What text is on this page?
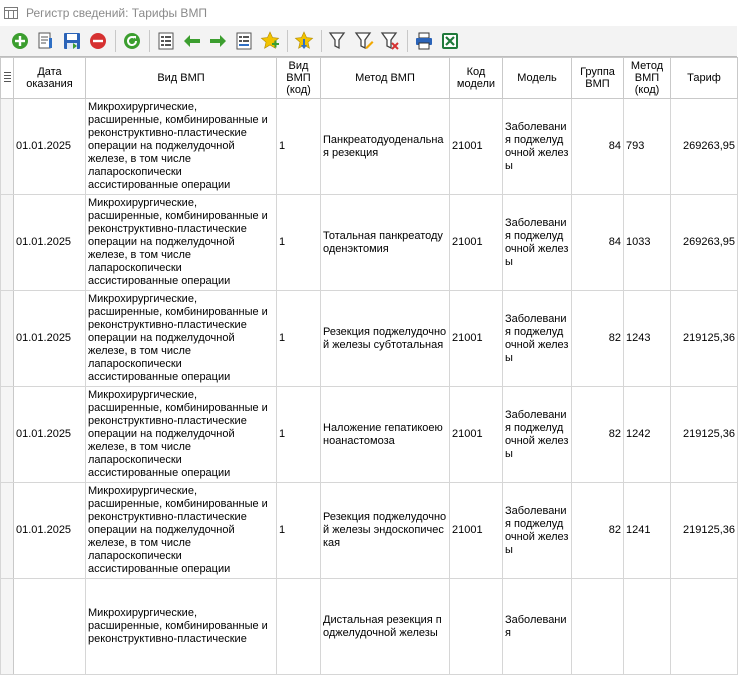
Регистр сведений: Тарифы ВМП
	Дата оказания	Вид ВМП	Вид ВМП (код)	Метод ВМП	Код модели	Модель	Группа ВМП	Метод ВМП (код)	Тариф
	01.01.2025	Микрохирургические, расширенные, комбинированные и реконструктивно-пластические операции на поджелудочной железе, в том числе лапароскопически ассистированные операции	1	Панкреатодуоденальная резекция	21001	Заболевания поджелудочной железы	84	793	269263,95
	01.01.2025	Микрохирургические, расширенные, комбинированные и реконструктивно-пластические операции на поджелудочной железе, в том числе лапароскопически ассистированные операции	1	Тотальная панкреатодуоденэктомия	21001	Заболевания поджелудочной железы	84	1033	269263,95
	01.01.2025	Микрохирургические, расширенные, комбинированные и реконструктивно-пластические операции на поджелудочной железе, в том числе лапароскопически ассистированные операции	1	Резекция поджелудочной железы субтотальная	21001	Заболевания поджелудочной железы	82	1243	219125,36
	01.01.2025	Микрохирургические, расширенные, комбинированные и реконструктивно-пластические операции на поджелудочной железе, в том числе лапароскопически ассистированные операции	1	Наложение гепатикоеюноанастомоза	21001	Заболевания поджелудочной железы	82	1242	219125,36
	01.01.2025	Микрохирургические, расширенные, комбинированные и реконструктивно-пластические операции на поджелудочной железе, в том числе лапароскопически ассистированные операции	1	Резекция поджелудочной железы эндоскопическая	21001	Заболевания поджелудочной железы	82	1241	219125,36
		Микрохирургические, расширенные, комбинированные и реконструктивно-пластические		Дистальная резекция поджелудочной железы		Заболевания			
